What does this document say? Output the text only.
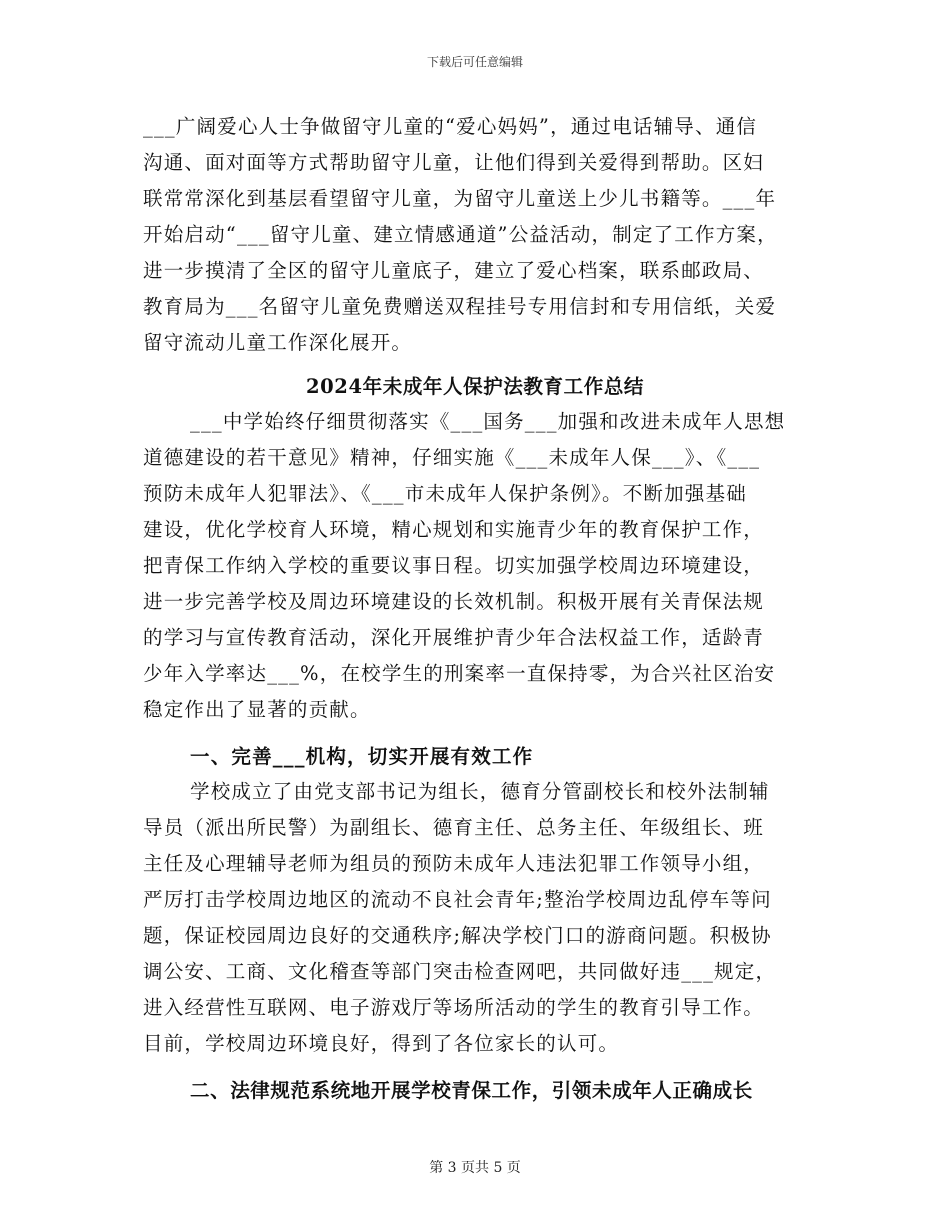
下载后可任意编辑
___广阔爱心人士争做留守儿童的“爱心妈妈”，通过电话辅导、通信
沟通、面对面等方式帮助留守儿童，让他们得到关爱得到帮助。区妇
联常常深化到基层看望留守儿童，为留守儿童送上少儿书籍等。___年
开始启动“___留守儿童、建立情感通道”公益活动，制定了工作方案，
进一步摸清了全区的留守儿童底子，建立了爱心档案，联系邮政局、
教育局为___名留守儿童免费赠送双程挂号专用信封和专用信纸，关爱
留守流动儿童工作深化展开。
2024年未成年人保护法教育工作总结
___中学始终仔细贯彻落实《___国务___加强和改进未成年人思想
道德建设的若干意见》精神，仔细实施《___未成年人保___》、《___
预防未成年人犯罪法》、《___市未成年人保护条例》。不断加强基础
建设，优化学校育人环境，精心规划和实施青少年的教育保护工作，
把青保工作纳入学校的重要议事日程。切实加强学校周边环境建设，
进一步完善学校及周边环境建设的长效机制。积极开展有关青保法规
的学习与宣传教育活动，深化开展维护青少年合法权益工作，适龄青
少年入学率达___%，在校学生的刑案率一直保持零，为合兴社区治安
稳定作出了显著的贡献。
一、完善___机构，切实开展有效工作
学校成立了由党支部书记为组长，德育分管副校长和校外法制辅
导员（派出所民警）为副组长、德育主任、总务主任、年级组长、班
主任及心理辅导老师为组员的预防未成年人违法犯罪工作领导小组，
严厉打击学校周边地区的流动不良社会青年;整治学校周边乱停车等问
题，保证校园周边良好的交通秩序;解决学校门口的游商问题。积极协
调公安、工商、文化稽查等部门突击检查网吧，共同做好违___规定，
进入经营性互联网、电子游戏厅等场所活动的学生的教育引导工作。
目前，学校周边环境良好，得到了各位家长的认可。
二、法律规范系统地开展学校青保工作，引领未成年人正确成长
第 3 页共 5 页
